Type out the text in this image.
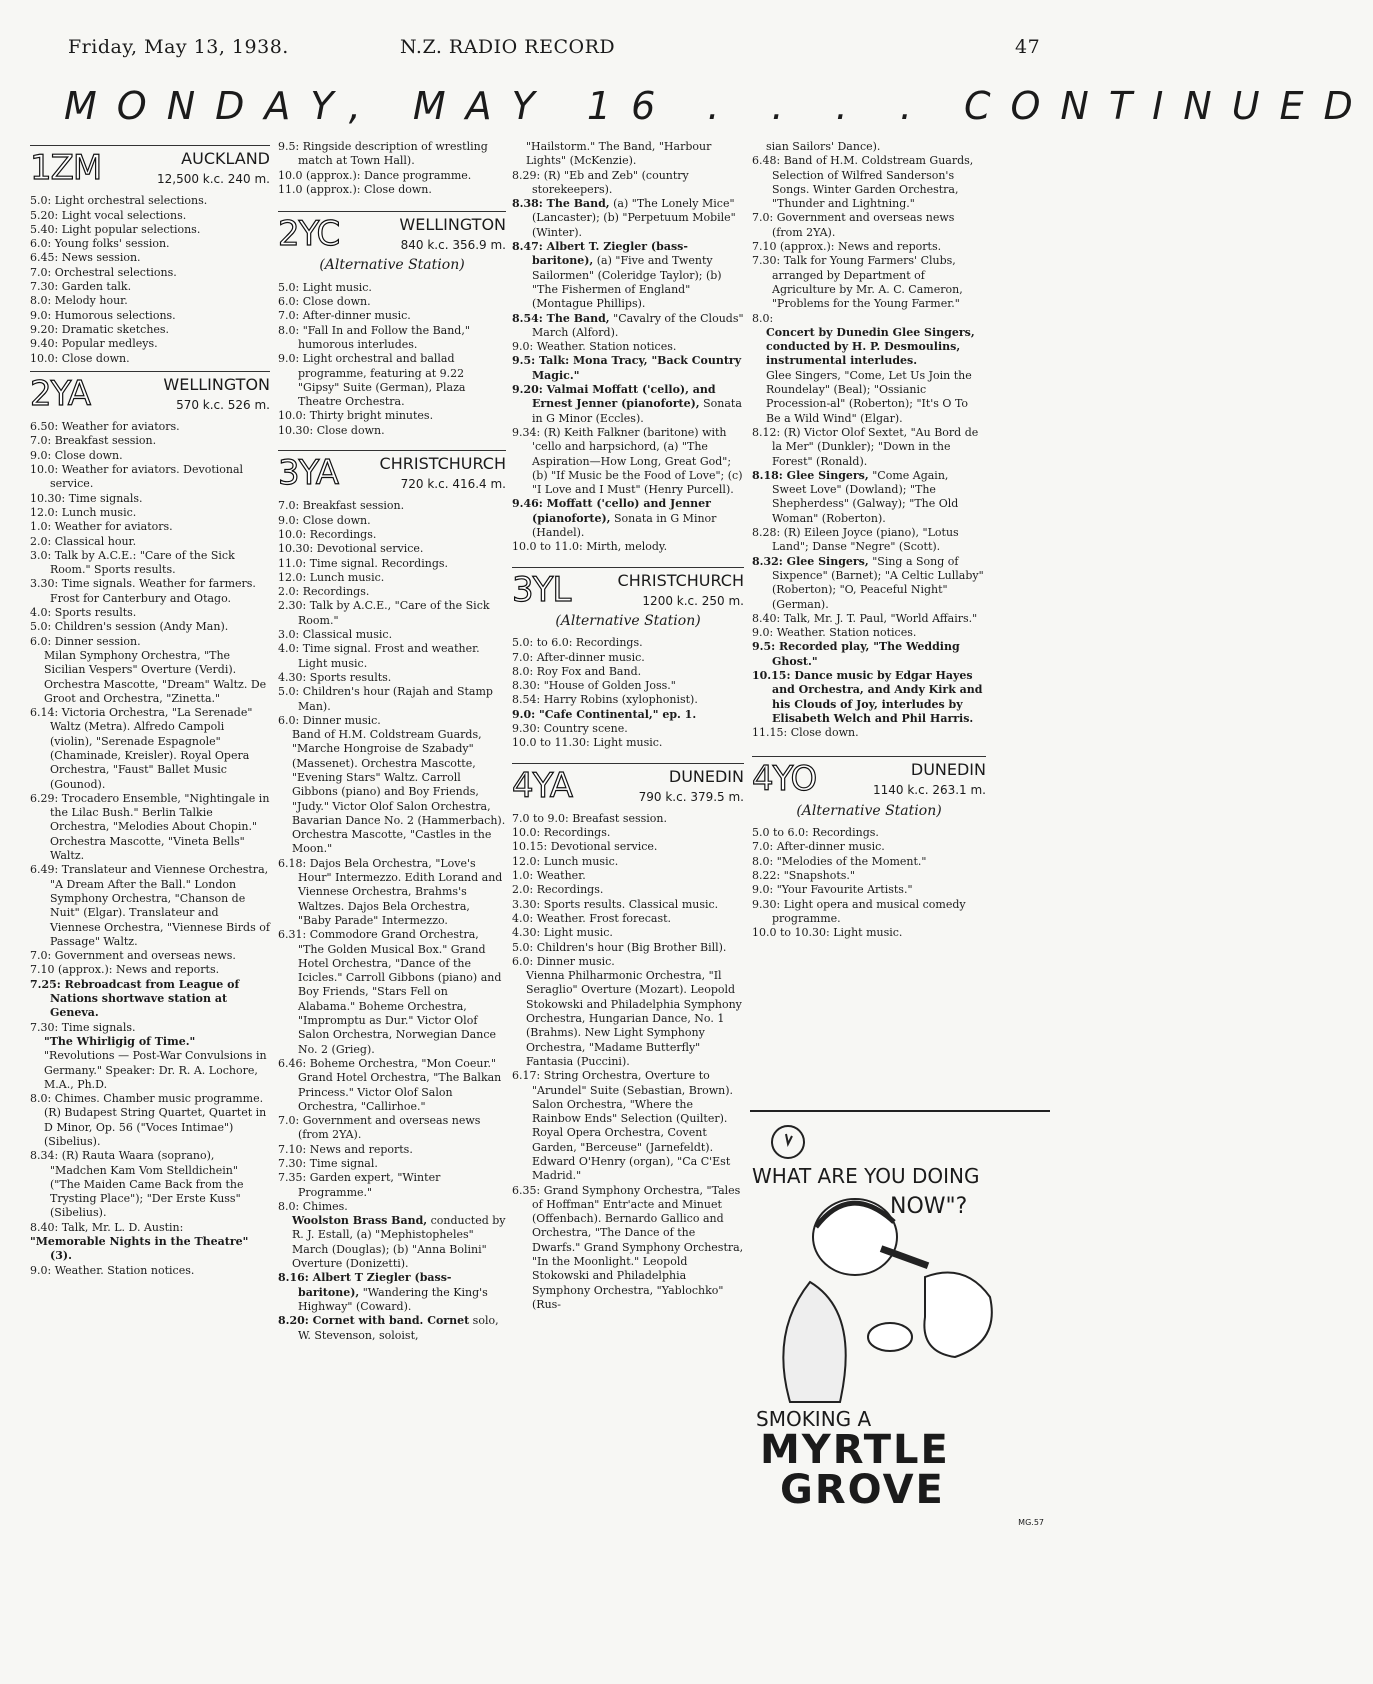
Friday, May 13, 1938.	N.Z. RADIO RECORD	47
MONDAY, MAY 16 . . . . CONTINUED
1ZM	AUCKLAND
12,500 k.c. 240 m.

5.0: Light orchestral selections.

5.20: Light vocal selections.

5.40: Light popular selections.

6.0: Young folks' session.

6.45: News session.

7.0: Orchestral selections.

7.30: Garden talk.

8.0: Melody hour.

9.0: Humorous selections.

9.20: Dramatic sketches.

9.40: Popular medleys.

10.0: Close down.

2YA	WELLINGTON
570 k.c. 526 m.

6.50: Weather for aviators.

7.0: Breakfast session.

9.0: Close down.

10.0: Weather for aviators. Devotional service.

10.30: Time signals.

12.0: Lunch music.

1.0: Weather for aviators.

2.0: Classical hour.

3.0: Talk by A.C.E.: "Care of the Sick Room." Sports results.

3.30: Time signals. Weather for farmers. Frost for Canterbury and Otago.

4.0: Sports results.

5.0: Children's session (Andy Man).

6.0: Dinner session.

Milan Symphony Orchestra, "The Sicilian Vespers" Overture (Verdi). Orchestra Mascotte, "Dream" Waltz. De Groot and Orchestra, "Zinetta."

6.14: Victoria Orchestra, "La Serenade" Waltz (Metra). Alfredo Campoli (violin), "Serenade Espagnole" (Chaminade, Kreisler). Royal Opera Orchestra, "Faust" Ballet Music (Gounod).

6.29: Trocadero Ensemble, "Nightingale in the Lilac Bush." Berlin Talkie Orchestra, "Melodies About Chopin." Orchestra Mascotte, "Vineta Bells" Waltz.

6.49: Translateur and Viennese Orchestra, "A Dream After the Ball." London Symphony Orchestra, "Chanson de Nuit" (Elgar). Translateur and Viennese Orchestra, "Viennese Birds of Passage" Waltz.

7.0: Government and overseas news.

7.10 (approx.): News and reports.

7.25: Rebroadcast from League of Nations shortwave station at Geneva.

7.30: Time signals.

"The Whirligig of Time."

"Revolutions — Post-War Convulsions in Germany." Speaker: Dr. R. A. Lochore, M.A., Ph.D.

8.0: Chimes. Chamber music programme.

(R) Budapest String Quartet, Quartet in D Minor, Op. 56 ("Voces Intimae") (Sibelius).

8.34: (R) Rauta Waara (soprano), "Madchen Kam Vom Stelldichein" ("The Maiden Came Back from the Trysting Place"); "Der Erste Kuss" (Sibelius).

8.40: Talk, Mr. L. D. Austin:

"Memorable Nights in the Theatre" (3).

9.0: Weather. Station notices.

9.5: Ringside description of wrestling match at Town Hall).

10.0 (approx.): Dance programme.

11.0 (approx.): Close down.

2YC	WELLINGTON
840 k.c. 356.9 m.
(Alternative Station)

5.0: Light music.

6.0: Close down.

7.0: After-dinner music.

8.0: "Fall In and Follow the Band," humorous interludes.

9.0: Light orchestral and ballad programme, featuring at 9.22 "Gipsy" Suite (German), Plaza Theatre Orchestra.

10.0: Thirty bright minutes.

10.30: Close down.

3YA	CHRISTCHURCH
720 k.c. 416.4 m.

7.0: Breakfast session.

9.0: Close down.

10.0: Recordings.

10.30: Devotional service.

11.0: Time signal. Recordings.

12.0: Lunch music.

2.0: Recordings.

2.30: Talk by A.C.E., "Care of the Sick Room."

3.0: Classical music.

4.0: Time signal. Frost and weather. Light music.

4.30: Sports results.

5.0: Children's hour (Rajah and Stamp Man).

6.0: Dinner music.

Band of H.M. Coldstream Guards, "Marche Hongroise de Szabady" (Massenet). Orchestra Mascotte, "Evening Stars" Waltz. Carroll Gibbons (piano) and Boy Friends, "Judy." Victor Olof Salon Orchestra, Bavarian Dance No. 2 (Hammerbach). Orchestra Mascotte, "Castles in the Moon."

6.18: Dajos Bela Orchestra, "Love's Hour" Intermezzo. Edith Lorand and Viennese Orchestra, Brahms's Waltzes. Dajos Bela Orchestra, "Baby Parade" Intermezzo.

6.31: Commodore Grand Orchestra, "The Golden Musical Box." Grand Hotel Orchestra, "Dance of the Icicles." Carroll Gibbons (piano) and Boy Friends, "Stars Fell on Alabama." Boheme Orchestra, "Impromptu as Dur." Victor Olof Salon Orchestra, Norwegian Dance No. 2 (Grieg).

6.46: Boheme Orchestra, "Mon Coeur." Grand Hotel Orchestra, "The Balkan Princess." Victor Olof Salon Orchestra, "Callirhoe."

7.0: Government and overseas news (from 2YA).

7.10: News and reports.

7.30: Time signal.

7.35: Garden expert, "Winter Programme."

8.0: Chimes.

Woolston Brass Band, conducted by R. J. Estall, (a) "Mephistopheles" March (Douglas); (b) "Anna Bolini" Overture (Donizetti).

8.16: Albert T Ziegler (bass-baritone), "Wandering the King's Highway" (Coward).

8.20: Cornet with band. Cornet solo, W. Stevenson, soloist,

"Hailstorm." The Band, "Harbour Lights" (McKenzie).

8.29: (R) "Eb and Zeb" (country storekeepers).

8.38: The Band, (a) "The Lonely Mice" (Lancaster); (b) "Perpetuum Mobile" (Winter).

8.47: Albert T. Ziegler (bass-baritone), (a) "Five and Twenty Sailormen" (Coleridge Taylor); (b) "The Fishermen of England" (Montague Phillips).

8.54: The Band, "Cavalry of the Clouds" March (Alford).

9.0: Weather. Station notices.

9.5: Talk: Mona Tracy, "Back Country Magic."

9.20: Valmai Moffatt ('cello), and Ernest Jenner (pianoforte), Sonata in G Minor (Eccles).

9.34: (R) Keith Falkner (baritone) with 'cello and harpsichord, (a) "The Aspiration—How Long, Great God"; (b) "If Music be the Food of Love"; (c) "I Love and I Must" (Henry Purcell).

9.46: Moffatt ('cello) and Jenner (pianoforte), Sonata in G Minor (Handel).

10.0 to 11.0: Mirth, melody.

3YL	CHRISTCHURCH
1200 k.c. 250 m.
(Alternative Station)

5.0: to 6.0: Recordings.

7.0: After-dinner music.

8.0: Roy Fox and Band.

8.30: "House of Golden Joss."

8.54: Harry Robins (xylophonist).

9.0: "Cafe Continental," ep. 1.

9.30: Country scene.

10.0 to 11.30: Light music.

4YA	DUNEDIN
790 k.c. 379.5 m.

7.0 to 9.0: Breafast session.

10.0: Recordings.

10.15: Devotional service.

12.0: Lunch music.

1.0: Weather.

2.0: Recordings.

3.30: Sports results. Classical music.

4.0: Weather. Frost forecast.

4.30: Light music.

5.0: Children's hour (Big Brother Bill).

6.0: Dinner music.

Vienna Philharmonic Orchestra, "Il Seraglio" Overture (Mozart). Leopold Stokowski and Philadelphia Symphony Orchestra, Hungarian Dance, No. 1 (Brahms). New Light Symphony Orchestra, "Madame Butterfly" Fantasia (Puccini).

6.17: String Orchestra, Overture to "Arundel" Suite (Sebastian, Brown). Salon Orchestra, "Where the Rainbow Ends" Selection (Quilter). Royal Opera Orchestra, Covent Garden, "Berceuse" (Jarnefeldt). Edward O'Henry (organ), "Ca C'Est Madrid."

6.35: Grand Symphony Orchestra, "Tales of Hoffman" Entr'acte and Minuet (Offenbach). Bernardo Gallico and Orchestra, "The Dance of the Dwarfs." Grand Symphony Orchestra, "In the Moonlight." Leopold Stokowski and Philadelphia Symphony Orchestra, "Yablochko" (Rus-

sian Sailors' Dance).

6.48: Band of H.M. Coldstream Guards, Selection of Wilfred Sanderson's Songs. Winter Garden Orchestra, "Thunder and Lightning."

7.0: Government and overseas news (from 2YA).

7.10 (approx.): News and reports.

7.30: Talk for Young Farmers' Clubs, arranged by Department of Agriculture by Mr. A. C. Cameron, "Problems for the Young Farmer."

8.0:

Concert by Dunedin Glee Singers, conducted by H. P. Desmoulins, instrumental interludes.

Glee Singers, "Come, Let Us Join the Roundelay" (Beal); "Ossianic Procession-al" (Roberton); "It's O To Be a Wild Wind" (Elgar).

8.12: (R) Victor Olof Sextet, "Au Bord de la Mer" (Dunkler); "Down in the Forest" (Ronald).

8.18: Glee Singers, "Come Again, Sweet Love" (Dowland); "The Shepherdess" (Galway); "The Old Woman" (Roberton).

8.28: (R) Eileen Joyce (piano), "Lotus Land"; Danse "Negre" (Scott).

8.32: Glee Singers, "Sing a Song of Sixpence" (Barnet); "A Celtic Lullaby" (Roberton); "O, Peaceful Night" (German).

8.40: Talk, Mr. J. T. Paul, "World Affairs."

9.0: Weather. Station notices.

9.5: Recorded play, "The Wedding Ghost."

10.15: Dance music by Edgar Hayes and Orchestra, and Andy Kirk and his Clouds of Joy, interludes by Elisabeth Welch and Phil Harris.

11.15: Close down.

4YO	DUNEDIN
1140 k.c. 263.1 m.
(Alternative Station)

5.0 to 6.0: Recordings.

7.0: After-dinner music.

8.0: "Melodies of the Moment."

8.22: "Snapshots."

9.0: "Your Favourite Artists."

9.30: Light opera and musical comedy programme.

10.0 to 10.30: Light music.

WHAT ARE YOU DOING
NOW"?
SMOKING A
MYRTLE
GROVE
MG.57
